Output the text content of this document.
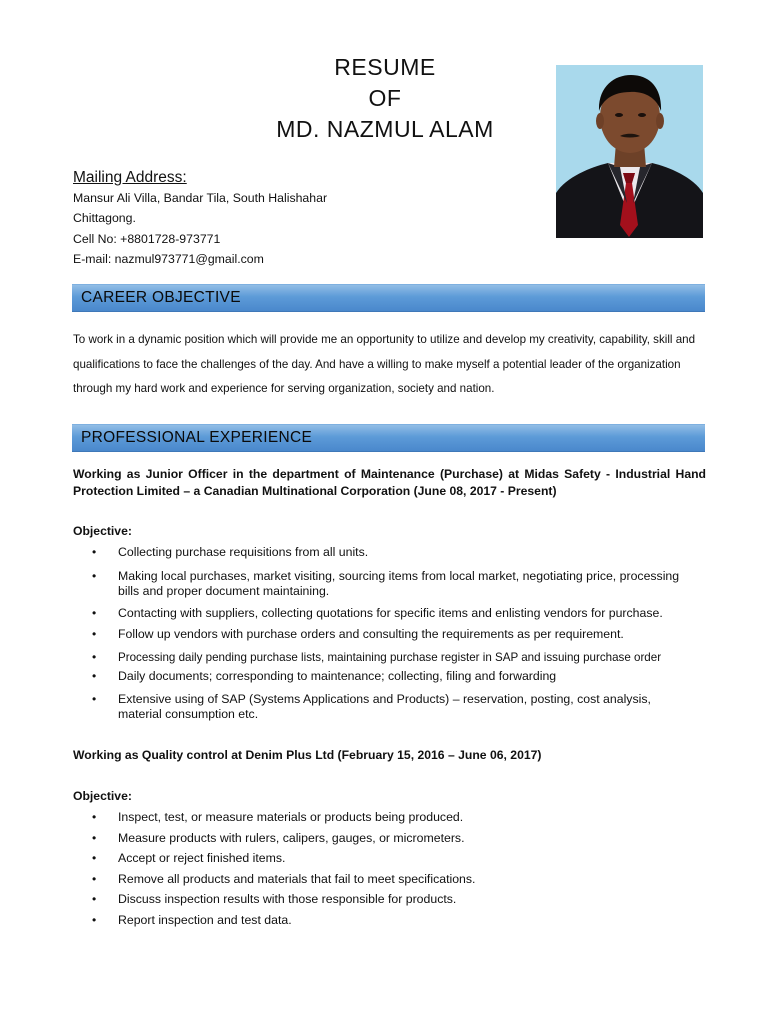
RESUME
OF
MD. NAZMUL ALAM

Mailing Address:

Mansur Ali Villa, Bandar Tila, South Halishahar

Chittagong.

Cell No: +8801728-973771

E-mail: nazmul973771@gmail.com

CAREER OBJECTIVE

To work in a dynamic position which will provide me an opportunity to utilize and develop my creativity, capability, skill and qualifications to face the challenges of the day. And have a willing to make myself a potential leader of the organization through my hard work and experience for serving organization, society and nation.

PROFESSIONAL EXPERIENCE

Working as Junior Officer in the department of Maintenance (Purchase) at Midas Safety - Industrial Hand Protection Limited – a Canadian Multinational Corporation (June 08, 2017 - Present)

Objective:

• Collecting purchase requisitions from all units.
• Making local purchases, market visiting, sourcing items from local market, negotiating price, processing bills and proper document maintaining.
• Contacting with suppliers, collecting quotations for specific items and enlisting vendors for purchase.
• Follow up vendors with purchase orders and consulting the requirements as per requirement.
• Processing daily pending purchase lists, maintaining purchase register in SAP and issuing purchase order
• Daily documents; corresponding to maintenance; collecting, filing and forwarding
• Extensive using of SAP (Systems Applications and Products) – reservation, posting, cost analysis, material consumption etc.

Working as Quality control at Denim Plus Ltd (February 15, 2016 – June 06, 2017)

Objective:

• Inspect, test, or measure materials or products being produced.
• Measure products with rulers, calipers, gauges, or micrometers.
• Accept or reject finished items.
• Remove all products and materials that fail to meet specifications.
• Discuss inspection results with those responsible for products.
• Report inspection and test data.
